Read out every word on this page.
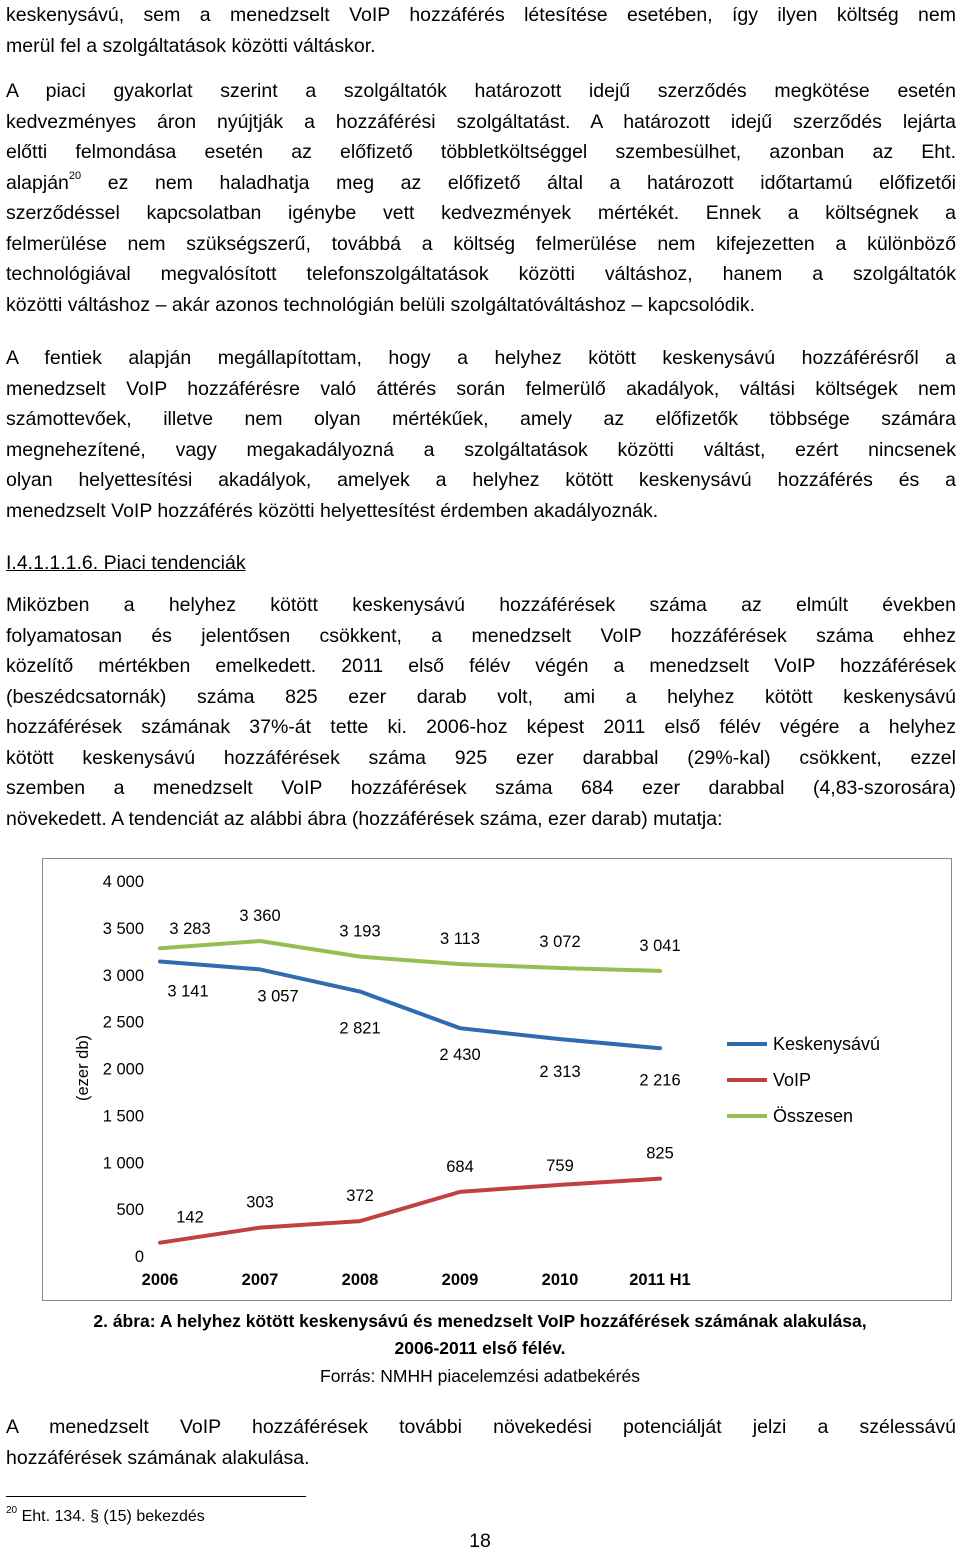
keskenysávú, sem a menedzselt VoIP hozzáférés létesítése esetében, így ilyen költség nem
merül fel a szolgáltatások közötti váltáskor.
A piaci gyakorlat szerint a szolgáltatók határozott idejű szerződés megkötése esetén
kedvezményes áron nyújtják a hozzáférési szolgáltatást. A határozott idejű szerződés lejárta
előtti felmondása esetén az előfizető többletköltséggel szembesülhet, azonban az Eht.
alapján$^{20}$ ez nem haladhatja meg az előfizető által a határozott időtartamú előfizetői
szerződéssel kapcsolatban igénybe vett kedvezmények mértékét. Ennek a költségnek a
felmerülése nem szükségszerű, továbbá a költség felmerülése nem kifejezetten a különböző
technológiával megvalósított telefonszolgáltatások közötti váltáshoz, hanem a szolgáltatók
közötti váltáshoz – akár azonos technológián belüli szolgáltatóváltáshoz – kapcsolódik.
A fentiek alapján megállapítottam, hogy a helyhez kötött keskenysávú hozzáférésről a
menedzselt VoIP hozzáférésre való áttérés során felmerülő akadályok, váltási költségek nem
számottevőek, illetve nem olyan mértékűek, amely az előfizetők többsége számára
megnehezítené, vagy megakadályozná a szolgáltatások közötti váltást, ezért nincsenek
olyan helyettesítési akadályok, amelyek a helyhez kötött keskenysávú hozzáférés és a
menedzselt VoIP hozzáférés közötti helyettesítést érdemben akadályoznák.
I.4.1.1.1.6. Piaci tendenciák
Miközben a helyhez kötött keskenysávú hozzáférések száma az elmúlt években
folyamatosan és jelentősen csökkent, a menedzselt VoIP hozzáférések száma ehhez
közelítő mértékben emelkedett. 2011 első félév végén a menedzselt VoIP hozzáférések
(beszédcsatornák) száma 825 ezer darab volt, ami a helyhez kötött keskenysávú
hozzáférések számának 37%-át tette ki. 2006-hoz képest 2011 első félév végére a helyhez
kötött keskenysávú hozzáférések száma 925 ezer darabbal (29%-kal) csökkent, ezzel
szemben a menedzselt VoIP hozzáférések száma 684 ezer darabbal (4,83-szorosára)
növekedett. A tendenciát az alábbi ábra (hozzáférések száma, ezer darab) mutatja:
0
500
1 000
1 500
2 000
2 500
3 000
3 500
4 000
(ezer db)
2006	2007	2008	2009	2010	2011 H1
3 141	3 057
2 821
2 430
2 313	2 216
142
303	372
684	759
825
3 283
3 360
3 193	3 113	3 072	3 041
Keskenysávú
VoIP
Összesen
2. ábra: A helyhez kötött keskenysávú és menedzselt VoIP hozzáférések számának alakulása,
2006-2011 első félév.
Forrás: NMHH piacelemzési adatbekérés
A menedzselt VoIP hozzáférések további növekedési potenciálját jelzi a szélessávú
hozzáférések számának alakulása.
$^{20}$ Eht. 134. § (15) bekezdés
18
